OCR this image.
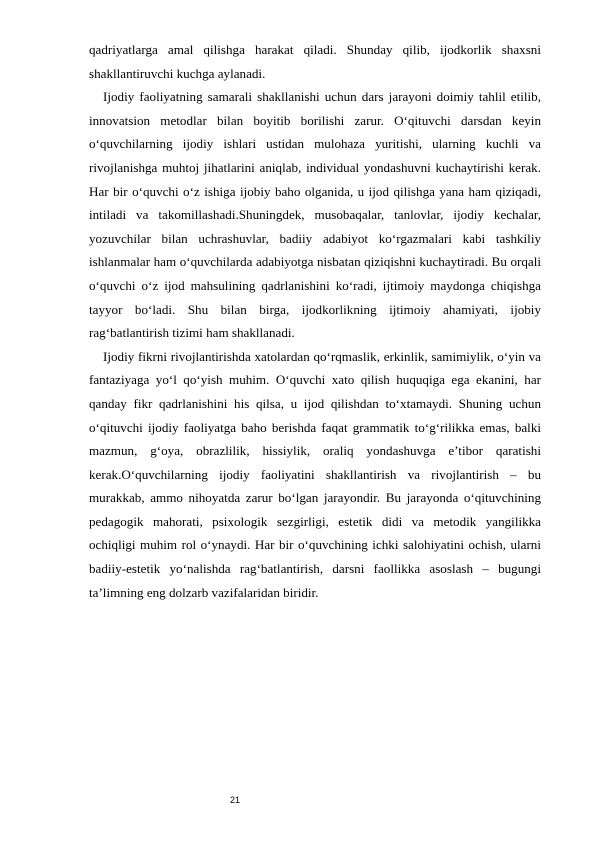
qadriyatlarga amal qilishga harakat qiladi. Shunday qilib, ijodkorlik shaxsni shakllantiruvchi kuchga aylanadi.

Ijodiy faoliyatning samarali shakllanishi uchun dars jarayoni doimiy tahlil etilib, innovatsion metodlar bilan boyitib borilishi zarur. O‘qituvchi darsdan keyin o‘quvchilarning ijodiy ishlari ustidan mulohaza yuritishi, ularning kuchli va rivojlanishga muhtoj jihatlarini aniqlab, individual yondashuvni kuchaytirishi kerak. Har bir o‘quvchi o‘z ishiga ijobiy baho olganida, u ijod qilishga yana ham qiziqadi, intiladi va takomillashadi.Shuningdek, musobaqalar, tanlovlar, ijodiy kechalar, yozuvchilar bilan uchrashuvlar, badiiy adabiyot ko‘rgazmalari kabi tashkiliy ishlanmalar ham o‘quvchilarda adabiyotga nisbatan qiziqishni kuchaytiradi. Bu orqali o‘quvchi o‘z ijod mahsulining qadrlanishini ko‘radi, ijtimoiy maydonga chiqishga tayyor bo‘ladi. Shu bilan birga, ijodkorlikning ijtimoiy ahamiyati, ijobiy rag‘batlantirish tizimi ham shakllanadi.

Ijodiy fikrni rivojlantirishda xatolardan qo‘rqmaslik, erkinlik, samimiylik, o‘yin va fantaziyaga yo‘l qo‘yish muhim. O‘quvchi xato qilish huquqiga ega ekanini, har qanday fikr qadrlanishini his qilsa, u ijod qilishdan to‘xtamaydi. Shuning uchun o‘qituvchi ijodiy faoliyatga baho berishda faqat grammatik to‘g‘rilikka emas, balki mazmun, g‘oya, obrazlilik, hissiylik, oraliq yondashuvga e’tibor qaratishi kerak.O‘quvchilarning ijodiy faoliyatini shakllantirish va rivojlantirish – bu murakkab, ammo nihoyatda zarur bo‘lgan jarayondir. Bu jarayonda o‘qituvchining pedagogik mahorati, psixologik sezgirligi, estetik didi va metodik yangilikka ochiqligi muhim rol o‘ynaydi. Har bir o‘quvchining ichki salohiyatini ochish, ularni badiiy-estetik yo‘nalishda rag‘batlantirish, darsni faollikka asoslash – bugungi ta’limning eng dolzarb vazifalaridan biridir.

21
